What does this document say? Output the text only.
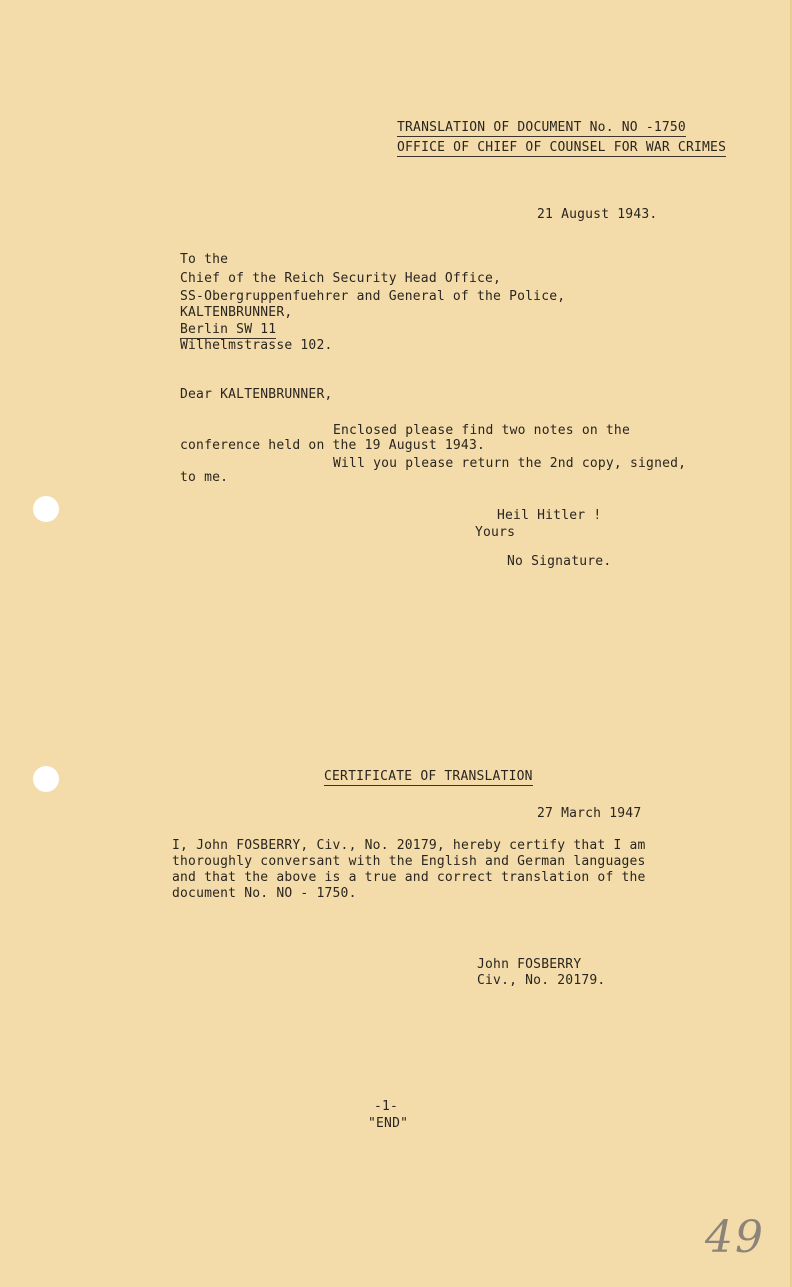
TRANSLATION OF DOCUMENT No. NO -1750
OFFICE OF CHIEF OF COUNSEL FOR WAR CRIMES
21 August 1943.
To the
Chief of the Reich Security Head Office,
SS-Obergruppenfuehrer and General of the Police,
KALTENBRUNNER,
Berlin SW 11
Wilhelmstrasse 102.
Dear KALTENBRUNNER,
Enclosed please find two notes on the
conference held on the 19 August 1943.
Will you please return the 2nd copy, signed,
to me.
Heil Hitler !
Yours
No Signature.
CERTIFICATE OF TRANSLATION
27 March 1947
I, John FOSBERRY, Civ., No. 20179, hereby certify that I am
thoroughly conversant with the English and German languages
and that the above is a true and correct translation of the
document No. NO - 1750.
John FOSBERRY
Civ., No. 20179.
-1-
"END"
49
